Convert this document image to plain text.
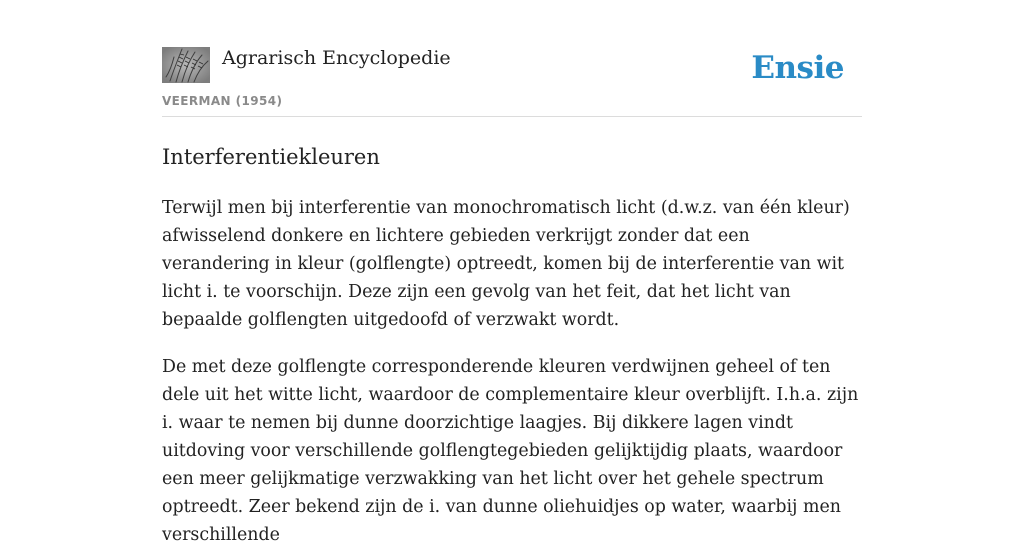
Agrarisch Encyclopedie
VEERMAN (1954)
Ensie
Interferentiekleuren

Terwijl men bij interferentie van monochromatisch licht (d.w.z. van één kleur) afwisselend donkere en lichtere gebieden verkrijgt zonder dat een verandering in kleur (golflengte) optreedt, komen bij de interferentie van wit licht i. te voorschijn. Deze zijn een gevolg van het feit, dat het licht van bepaalde golflengten uitgedoofd of verzwakt wordt.

De met deze golflengte corresponderende kleuren verdwijnen geheel of ten dele uit het witte licht, waardoor de complementaire kleur overblijft. I.h.a. zijn i. waar te nemen bij dunne doorzichtige laagjes. Bij dikkere lagen vindt uitdoving voor verschillende golflengtegebieden gelijktijdig plaats, waardoor een meer gelijkmatige verzwakking van het licht over het gehele spectrum optreedt. Zeer bekend zijn de i. van dunne oliehuidjes op water, waarbij men verschillende
